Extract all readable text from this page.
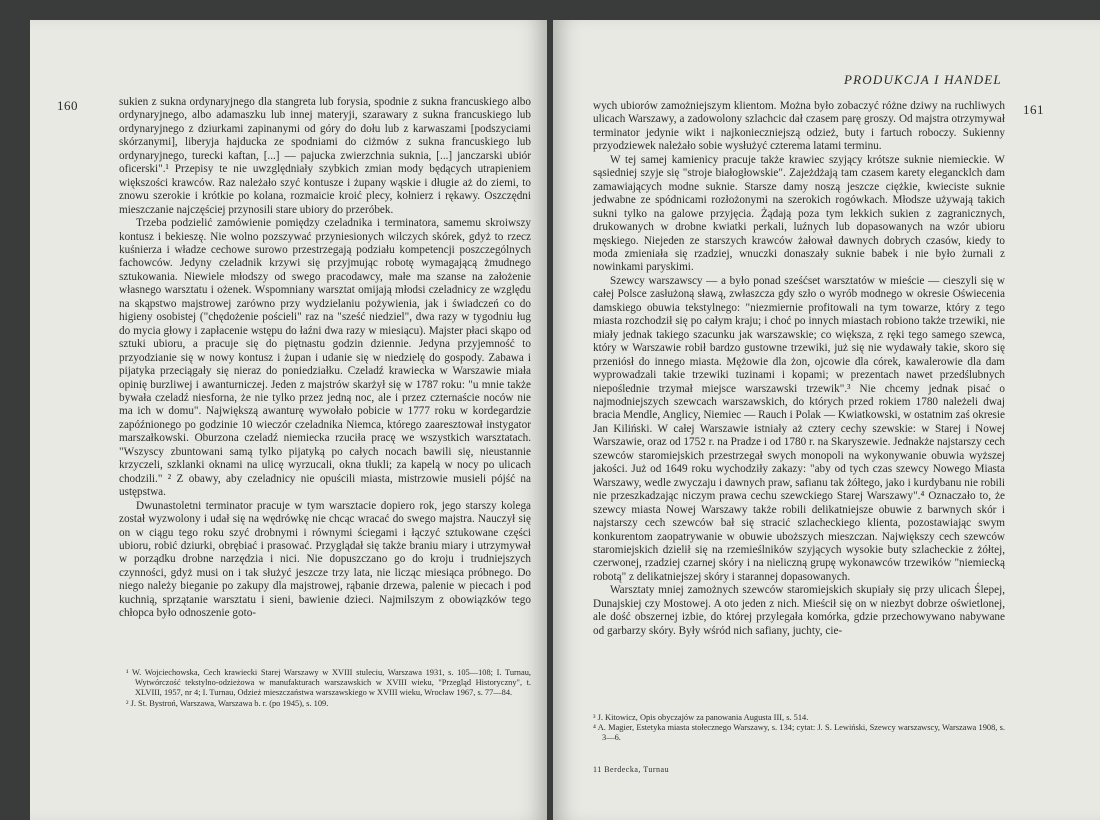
160	sukien z sukna ordynaryjnego dla stangreta lub forysia, spodnie z sukna francuskiego albo ordynaryjnego, albo adamaszku lub innej materyji, szarawary z sukna francuskiego lub ordynaryjnego z dziurkami zapinanymi od góry do dołu lub z karwaszami [podszyciami skórzanymi], liberyja hajducka ze spodniami do ciżmów z sukna francuskiego lub ordynaryjnego, turecki kaftan, [...] — pajucka zwierzchnia suknia, [...] janczarski ubiór oficerski".¹ Przepisy te nie uwzględniały szybkich zmian mody będących utrapieniem większości krawców. Raz należało szyć kontusze i żupany wąskie i długie aż do ziemi, to znowu szerokie i krótkie po kolana, rozmaicie kroić plecy, kołnierz i rękawy. Oszczędni mieszczanie najczęściej przynosili stare ubiory do przeróbek.

Trzeba podzielić zamówienie pomiędzy czeladnika i terminatora, samemu skroiwszy kontusz i bekieszę. Nie wolno pozszywać przyniesionych wilczych skórek, gdyż to rzecz kuśnierza i władze cechowe surowo przestrzegają podziału kompetencji poszczególnych fachowców. Jedyny czeladnik krzywi się przyjmując robotę wymagającą żmudnego sztukowania. Niewiele młodszy od swego pracodawcy, małe ma szanse na założenie własnego warsztatu i ożenek. Wspomniany warsztat omijają młodsi czeladnicy ze względu na skąpstwo majstrowej zarówno przy wydzielaniu pożywienia, jak i świadczeń co do higieny osobistej ("chędożenie pościeli" raz na "sześć niedziel", dwa razy w tygodniu ług do mycia głowy i zapłacenie wstępu do łaźni dwa razy w miesiącu). Majster płaci skąpo od sztuki ubioru, a pracuje się do piętnastu godzin dziennie. Jedyna przyjemność to przyodzianie się w nowy kontusz i żupan i udanie się w niedzielę do gospody. Zabawa i pijatyka przeciągały się nieraz do poniedziałku. Czeladź krawiecka w Warszawie miała opinię burzliwej i awanturniczej. Jeden z majstrów skarżył się w 1787 roku: "u mnie także bywała czeladź niesforna, że nie tylko przez jedną noc, ale i przez czternaście noców nie ma ich w domu". Największą awanturę wywołało pobicie w 1777 roku w kordegardzie zapóźnionego po godzinie 10 wieczór czeladnika Niemca, którego zaaresztował instygator marszałkowski. Oburzona czeladź niemiecka rzuciła pracę we wszystkich warsztatach. "Wszyscy zbuntowani samą tylko pijatyką po całych nocach bawili się, nieustannie krzyczeli, szklanki oknami na ulicę wyrzucali, okna tłukli; za kapelą w nocy po ulicach chodzili." ² Z obawy, aby czeladnicy nie opuścili miasta, mistrzowie musieli pójść na ustępstwa.

Dwunastoletni terminator pracuje w tym warsztacie dopiero rok, jego starszy kolega został wyzwolony i udał się na wędrówkę nie chcąc wracać do swego majstra. Nauczył się on w ciągu tego roku szyć drobnymi i równymi ściegami i łączyć sztukowane części ubioru, robić dziurki, obrębiać i prasować. Przyglądał się także braniu miary i utrzymywał w porządku drobne narzędzia i nici. Nie dopuszczano go do kroju i trudniejszych czynności, gdyż musi on i tak służyć jeszcze trzy lata, nie licząc miesiąca próbnego. Do niego należy bieganie po zakupy dla majstrowej, rąbanie drzewa, palenie w piecach i pod kuchnią, sprzątanie warsztatu i sieni, bawienie dzieci. Najmilszym z obowiązków tego chłopca było odnoszenie goto-

¹ W. Wojciechowska, Cech krawiecki Starej Warszawy w XVIII stuleciu, Warszawa 1931, s. 105—108; I. Turnau, Wytwórczość tekstylno-odzieżowa w manufakturach warszawskich w XVIII wieku, "Przegląd Historyczny", t. XLVIII, 1957, nr 4; I. Turnau, Odzież mieszczaństwa warszawskiego w XVIII wieku, Wrocław 1967, s. 77—84.

² J. St. Bystroń, Warszawa, Warszawa b. r. (po 1945), s. 109.

PRODUKCJA I HANDEL
161

wych ubiorów zamożniejszym klientom. Można było zobaczyć różne dziwy na ruchliwych ulicach Warszawy, a zadowolony szlachcic dał czasem parę groszy. Od majstra otrzymywał terminator jedynie wikt i najkonieczniejszą odzież, buty i fartuch roboczy. Sukienny przyodziewek należało sobie wysłużyć czterema latami terminu.

W tej samej kamienicy pracuje także krawiec szyjący krótsze suknie niemieckie. W sąsiedniej szyje się "stroje białogłowskie". Zajeżdżają tam czasem karety elegancklch dam zamawiających modne suknie. Starsze damy noszą jeszcze ciężkie, kwieciste suknie jedwabne ze spódnicami rozłożonymi na szerokich rogówkach. Młodsze używają takich sukni tylko na galowe przyjęcia. Żądają poza tym lekkich sukien z zagranicznych, drukowanych w drobne kwiatki perkali, luźnych lub dopasowanych na wzór ubioru męskiego. Niejeden ze starszych krawców żałował dawnych dobrych czasów, kiedy to moda zmieniała się rzadziej, wnuczki donaszały suknie babek i nie było żurnali z nowinkami paryskimi.

Szewcy warszawscy — a było ponad sześćset warsztatów w mieście — cieszyli się w całej Polsce zasłużoną sławą, zwłaszcza gdy szło o wyrób modnego w okresie Oświecenia damskiego obuwia tekstylnego: "niezmiernie profitowali na tym towarze, który z tego miasta rozchodził się po całym kraju; i choć po innych miastach robiono także trzewiki, nie miały jednak takiego szacunku jak warszawskie; co większa, z ręki tego samego szewca, który w Warszawie robił bardzo gustowne trzewiki, już się nie wydawały takie, skoro się przeniósł do innego miasta. Mężowie dla żon, ojcowie dla córek, kawalerowie dla dam wyprowadzali takie trzewiki tuzinami i kopami; w prezentach nawet przedślubnych niepoślednie trzymał miejsce warszawski trzewik".³ Nie chcemy jednak pisać o najmodniejszych szewcach warszawskich, do których przed rokiem 1780 należeli dwaj bracia Mendle, Anglicy, Niemiec — Rauch i Polak — Kwiatkowski, w ostatnim zaś okresie Jan Kiliński. W całej Warszawie istniały aż cztery cechy szewskie: w Starej i Nowej Warszawie, oraz od 1752 r. na Pradze i od 1780 r. na Skaryszewie. Jednakże najstarszy cech szewców staromiejskich przestrzegał swych monopoli na wykonywanie obuwia wyższej jakości. Już od 1649 roku wychodziły zakazy: "aby od tych czas szewcy Nowego Miasta Warszawy, wedle zwyczaju i dawnych praw, safianu tak żółtego, jako i kurdybanu nie robili nie przeszkadzając niczym prawa cechu szewckiego Starej Warszawy".⁴ Oznaczało to, że szewcy miasta Nowej Warszawy także robili delikatniejsze obuwie z barwnych skór i najstarszy cech szewców bał się stracić szlacheckiego klienta, pozostawiając swym konkurentom zaopatrywanie w obuwie uboższych mieszczan. Największy cech szewców staromiejskich dzielił się na rzemieślników szyjących wysokie buty szlacheckie z żółtej, czerwonej, rzadziej czarnej skóry i na nieliczną grupę wykonawców trzewików "niemiecką robotą" z delikatniejszej skóry i starannej dopasowanych.

Warsztaty mniej zamożnych szewców staromiejskich skupiały się przy ulicach Ślepej, Dunajskiej czy Mostowej. A oto jeden z nich. Mieścił się on w niezbyt dobrze oświetlonej, ale dość obszernej izbie, do której przylegała komórka, gdzie przechowywano nabywane od garbarzy skóry. Były wśród nich safiany, juchty, cie-

³ J. Kitowicz, Opis obyczajów za panowania Augusta III, s. 514.

⁴ A. Magier, Estetyka miasta stołecznego Warszawy, s. 134; cytat: J. S. Lewiński, Szewcy warszawscy, Warszawa 1908, s. 3—6.

11 Berdecka, Turnau
